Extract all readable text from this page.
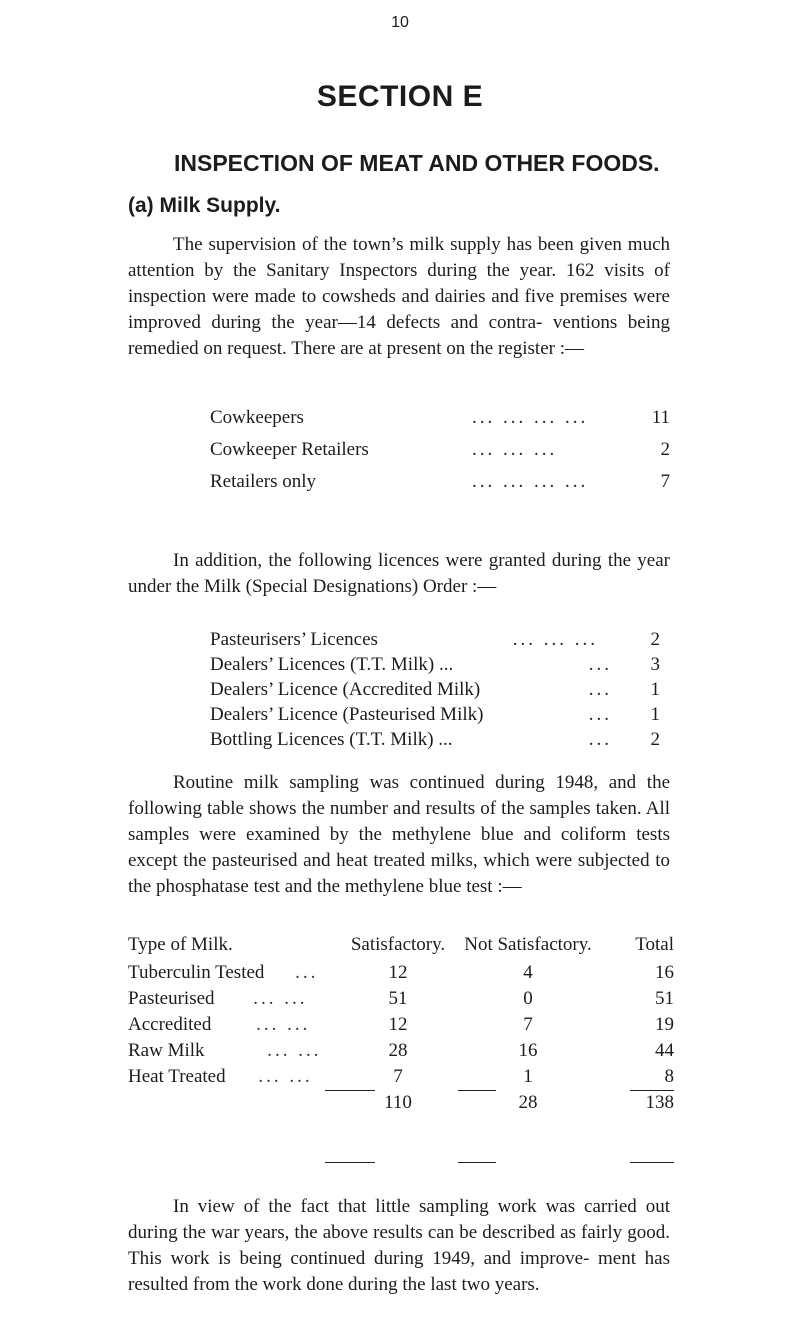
10
SECTION E
INSPECTION OF MEAT AND OTHER FOODS.
(a) Milk Supply.
The supervision of the town’s milk supply has been given much attention by the Sanitary Inspectors during the year. 162 visits of inspection were made to cowsheds and dairies and five premises were improved during the year—14 defects and contra- ventions being remedied on request. There are at present on the register :—
Cowkeepers	... ... ... ...	11
Cowkeeper Retailers	... ... ...	2
Retailers only	... ... ... ...	7
In addition, the following licences were granted during the year under the Milk (Special Designations) Order :—
Pasteurisers’ Licences	... ... ...	2
Dealers’ Licences (T.T. Milk) ...	...	3
Dealers’ Licence (Accredited Milk)	...	1
Dealers’ Licence (Pasteurised Milk)	...	1
Bottling Licences (T.T. Milk) ...	...	2
Routine milk sampling was continued during 1948, and the following table shows the number and results of the samples taken. All samples were examined by the methylene blue and coliform tests except the pasteurised and heat treated milks, which were subjected to the phosphatase test and the methylene blue test :—
Type of Milk.	Satisfactory.	Not Satisfactory.	Total
Tuberculin Tested ...	12	4	16
Pasteurised ... ...	51	0	51
Accredited ... ...	12	7	19
Raw Milk ... ...	28	16	44
Heat Treated ... ...	7	1	8
	110	28	138
In view of the fact that little sampling work was carried out during the war years, the above results can be described as fairly good. This work is being continued during 1949, and improve- ment has resulted from the work done during the last two years.
